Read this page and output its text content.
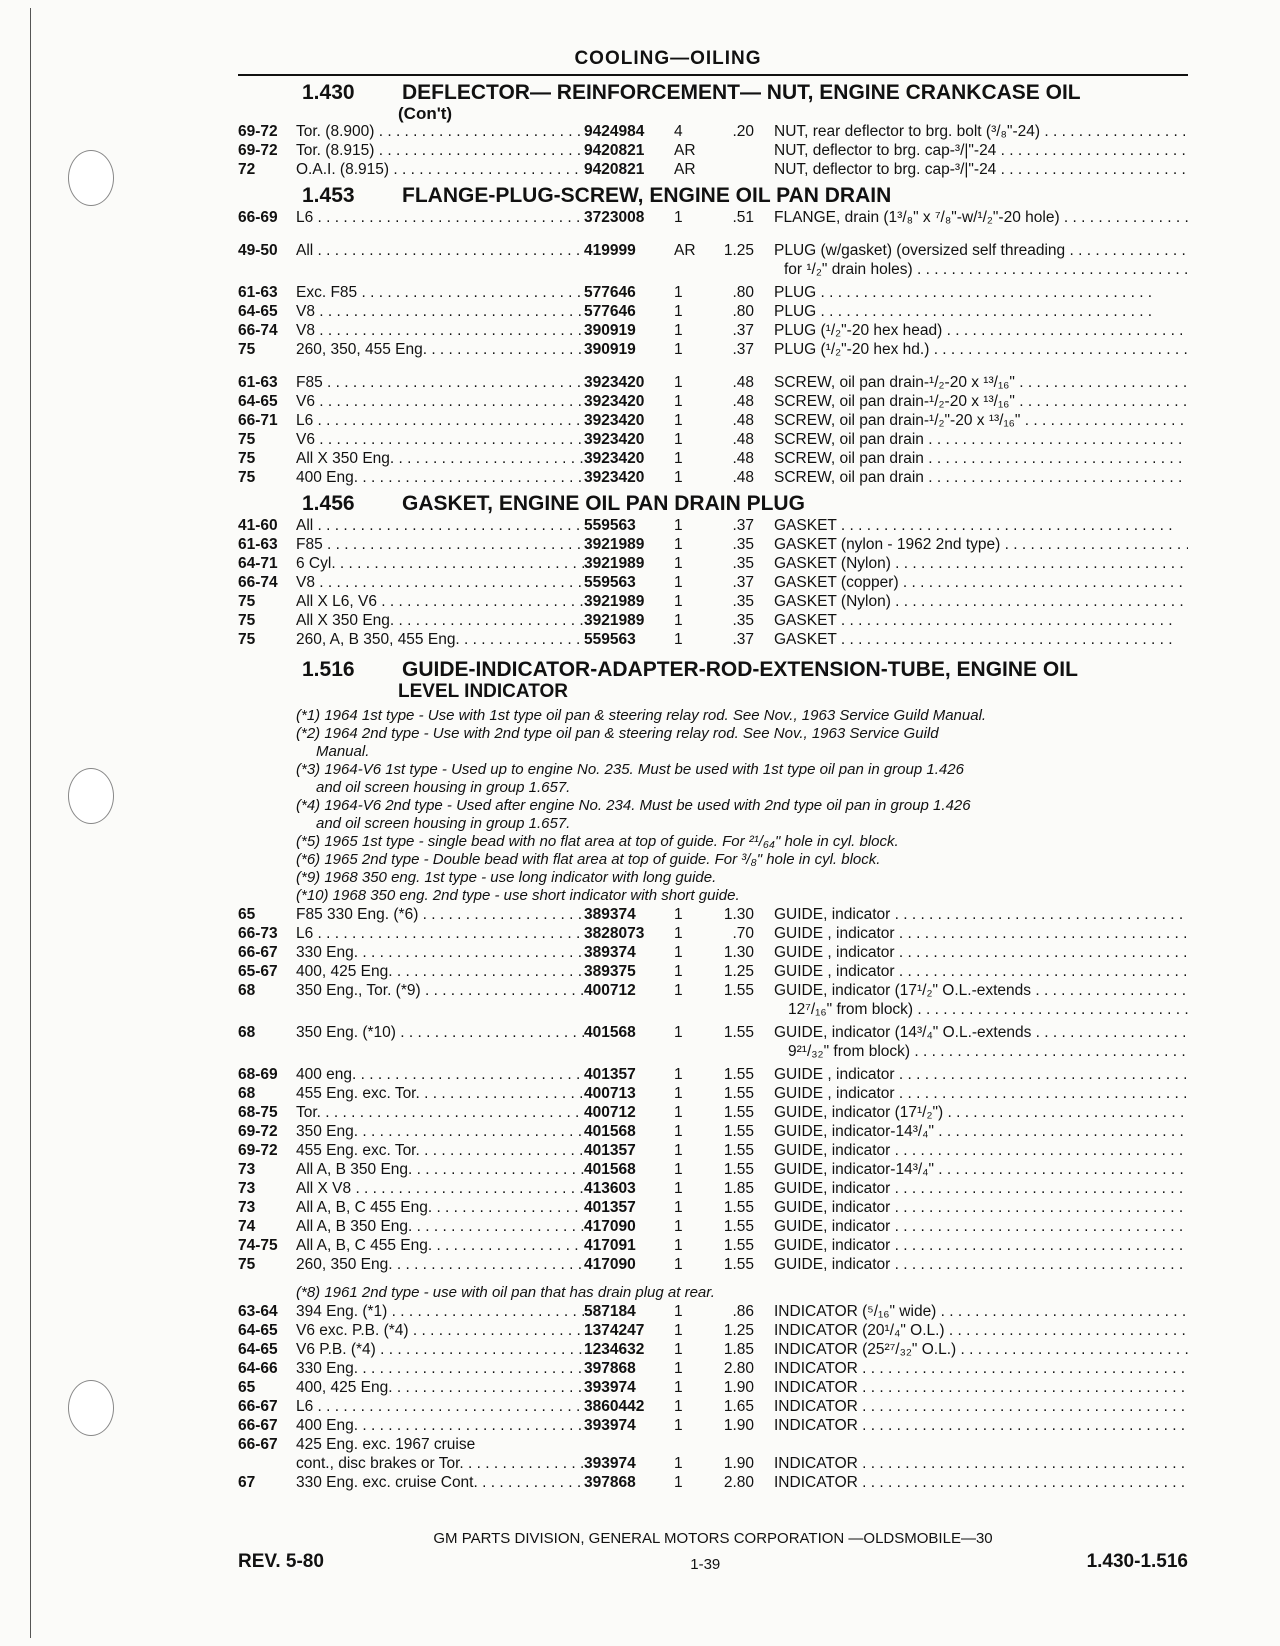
COOLING—OILING
1.430	DEFLECTOR— REINFORCEMENT— NUT, ENGINE CRANKCASE OIL
(Con't)
69-72	Tor. (8.900) . . .	9424984	4	.20 NUT, rear deflector to brg. bolt (³/₈"-24) . . .
69-72	Tor. (8.915) . . .	9420821	AR	NUT, deflector to brg. cap-³/|"-24 . . .
72	O.A.I. (8.915) . . .	9420821	AR	NUT, deflector to brg. cap-³/|"-24 . . .
1.453	FLANGE-PLUG-SCREW, ENGINE OIL PAN DRAIN
66-69	L6 . . .	3723008	1	.51 FLANGE, drain (1³/₈" x ⁷/₈"-w/¹/₂"-20 hole) . . .
49-50	All . . .	419999	AR	1.25 PLUG (w/gasket) (oversized self threading . . .
for ¹/₂" drain holes) . . .
61-63	Exc. F85 . . .	577646	1	.80 PLUG . . .
64-65	V8 . . .	577646	1	.80 PLUG . . .
66-74	V8 . . .	390919	1	.37 PLUG (¹/₂"-20 hex head) . . .
75	260, 350, 455 Eng. . . .	390919	1	.37 PLUG (¹/₂"-20 hex hd.) . . .
61-63	F85 . . .	3923420	1	.48 SCREW, oil pan drain-¹/₂-20 x ¹³/₁₆" . . .
64-65	V6 . . .	3923420	1	.48 SCREW, oil pan drain-¹/₂-20 x ¹³/₁₆" . . .
66-71	L6 . . .	3923420	1	.48 SCREW, oil pan drain-¹/₂"-20 x ¹³/₁₆" . . .
75	V6 . . .	3923420	1	.48 SCREW, oil pan drain . . .
75	All X 350 Eng. . . .	3923420	1	.48 SCREW, oil pan drain . . .
75	400 Eng. . . .	3923420	1	.48 SCREW, oil pan drain . . .
1.456	GASKET, ENGINE OIL PAN DRAIN PLUG
41-60	All . . .	559563	1	.37 GASKET . . .
61-63	F85 . . .	3921989	1	.35 GASKET (nylon - 1962 2nd type) . . .
64-71	6 Cyl. . . .	3921989	1	.35 GASKET (Nylon) . . .
66-74	V8 . . .	559563	1	.37 GASKET (copper) . . .
75	All X L6, V6 . . .	3921989	1	.35 GASKET (Nylon) . . .
75	All X 350 Eng. . . .	3921989	1	.35 GASKET . . .
75	260, A, B 350, 455 Eng. . . .	559563	1	.37 GASKET . . .
1.516	GUIDE-INDICATOR-ADAPTER-ROD-EXTENSION-TUBE, ENGINE OIL
LEVEL INDICATOR
(*1) 1964 1st type - Use with 1st type oil pan & steering relay rod. See Nov., 1963 Service Guild Manual.
(*2) 1964 2nd type - Use with 2nd type oil pan & steering relay rod. See Nov., 1963 Service Guild
Manual.
(*3) 1964-V6 1st type - Used up to engine No. 235. Must be used with 1st type oil pan in group 1.426
and oil screen housing in group 1.657.
(*4) 1964-V6 2nd type - Used after engine No. 234. Must be used with 2nd type oil pan in group 1.426
and oil screen housing in group 1.657.
(*5) 1965 1st type - single bead with no flat area at top of guide. For ²¹/₆₄" hole in cyl. block.
(*6) 1965 2nd type - Double bead with flat area at top of guide. For ³/₈" hole in cyl. block.
(*9) 1968 350 eng. 1st type - use long indicator with long guide.
(*10) 1968 350 eng. 2nd type - use short indicator with short guide.
65	F85 330 Eng. (*6) . . .	389374	1	1.30 GUIDE, indicator . . .
66-73	L6 . . .	3828073	1	.70 GUIDE , indicator . . .
66-67	330 Eng. . . .	389374	1	1.30 GUIDE , indicator . . .
65-67	400, 425 Eng. . . .	389375	1	1.25 GUIDE , indicator . . .
68	350 Eng., Tor. (*9) . . .	400712	1	1.55 GUIDE, indicator (17¹/₂" O.L.-extends . . .
12⁷/₁₆" from block) . . .
68	350 Eng. (*10) . . .	401568	1	1.55 GUIDE, indicator (14³/₄" O.L.-extends . . .
9²¹/₃₂" from block) . . .
68-69	400 eng. . . .	401357	1	1.55 GUIDE , indicator . . .
68	455 Eng. exc. Tor. . . .	400713	1	1.55 GUIDE , indicator . . .
68-75	Tor. . . .	400712	1	1.55 GUIDE, indicator (17¹/₂") . . .
69-72	350 Eng. . . .	401568	1	1.55 GUIDE, indicator-14³/₄" . . .
69-72	455 Eng. exc. Tor. . . .	401357	1	1.55 GUIDE, indicator . . .
73	All A, B 350 Eng. . . .	401568	1	1.55 GUIDE, indicator-14³/₄" . . .
73	All X V8 . . .	413603	1	1.85 GUIDE, indicator . . .
73	All A, B, C 455 Eng. . . .	401357	1	1.55 GUIDE, indicator . . .
74	All A, B 350 Eng. . . .	417090	1	1.55 GUIDE, indicator . . .
74-75	All A, B, C 455 Eng. . . .	417091	1	1.55 GUIDE, indicator . . .
75	260, 350 Eng. . . .	417090	1	1.55 GUIDE, indicator . . .
(*8) 1961 2nd type - use with oil pan that has drain plug at rear.
63-64	394 Eng. (*1) . . .	587184	1	.86 INDICATOR (⁵/₁₆" wide) . . .
64-65	V6 exc. P.B. (*4) . . .	1374247	1	1.25 INDICATOR (20¹/₄" O.L.) . . .
64-65	V6 P.B. (*4) . . .	1234632	1	1.85 INDICATOR (25²⁷/₃₂" O.L.) . . .
64-66	330 Eng. . . .	397868	1	2.80 INDICATOR . . .
65	400, 425 Eng. . . .	393974	1	1.90 INDICATOR . . .
66-67	L6 . . .	3860442	1	1.65 INDICATOR . . .
66-67	400 Eng. . . .	393974	1	1.90 INDICATOR . . .
66-67	425 Eng. exc. 1967 cruise
cont., disc brakes or Tor. . . .	393974	1	1.90 INDICATOR . . .
67	330 Eng. exc. cruise Cont. . . .	397868	1	2.80 INDICATOR . . .
GM PARTS DIVISION, GENERAL MOTORS CORPORATION —OLDSMOBILE—30
REV. 5-80	1-39	1.430-1.516
